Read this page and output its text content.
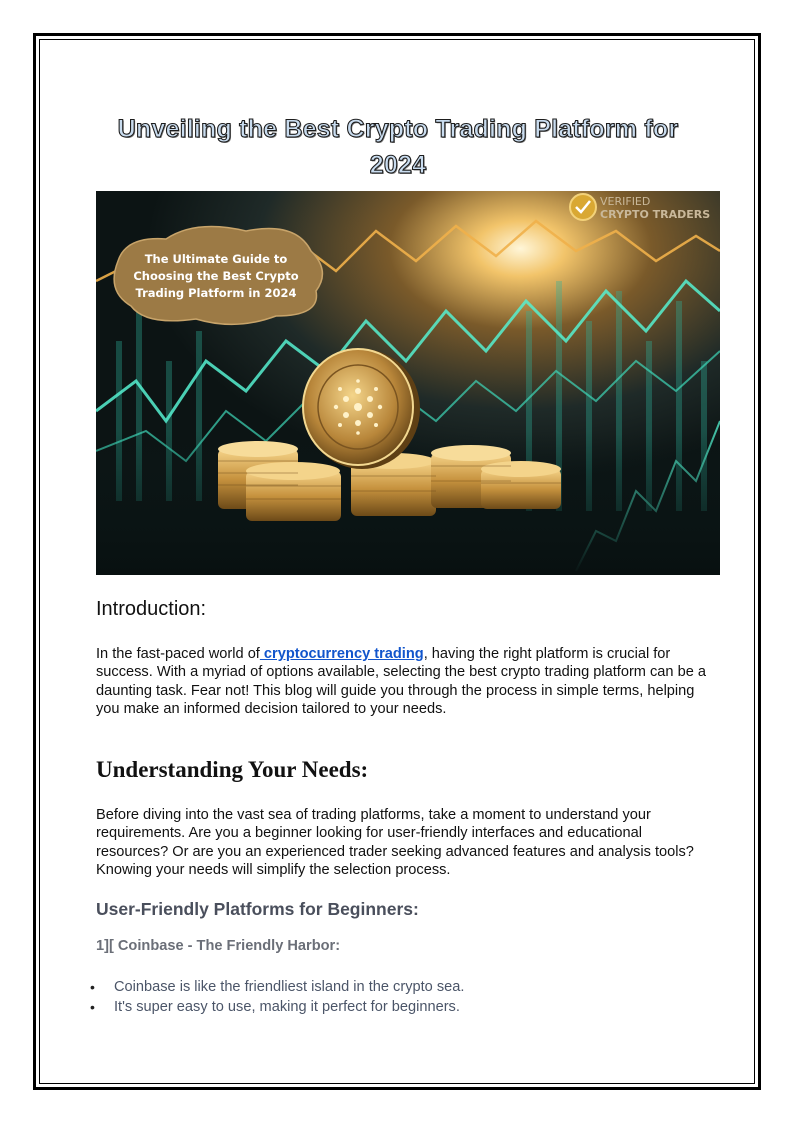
Unveiling the Best Crypto Trading Platform for 2024
The Ultimate Guide to
Choosing the Best Crypto
Trading Platform in 2024
VERIFIED
CRYPTO TRADERS
Introduction:

In the fast-paced world of cryptocurrency trading, having the right platform is crucial for success. With a myriad of options available, selecting the best crypto trading platform can be a daunting task. Fear not! This blog will guide you through the process in simple terms, helping you make an informed decision tailored to your needs.

Understanding Your Needs:

Before diving into the vast sea of trading platforms, take a moment to understand your requirements. Are you a beginner looking for user-friendly interfaces and educational resources? Or are you an experienced trader seeking advanced features and analysis tools? Knowing your needs will simplify the selection process.

User-Friendly Platforms for Beginners:
1][ Coinbase - The Friendly Harbor:
• Coinbase is like the friendliest island in the crypto sea.
• It's super easy to use, making it perfect for beginners.
